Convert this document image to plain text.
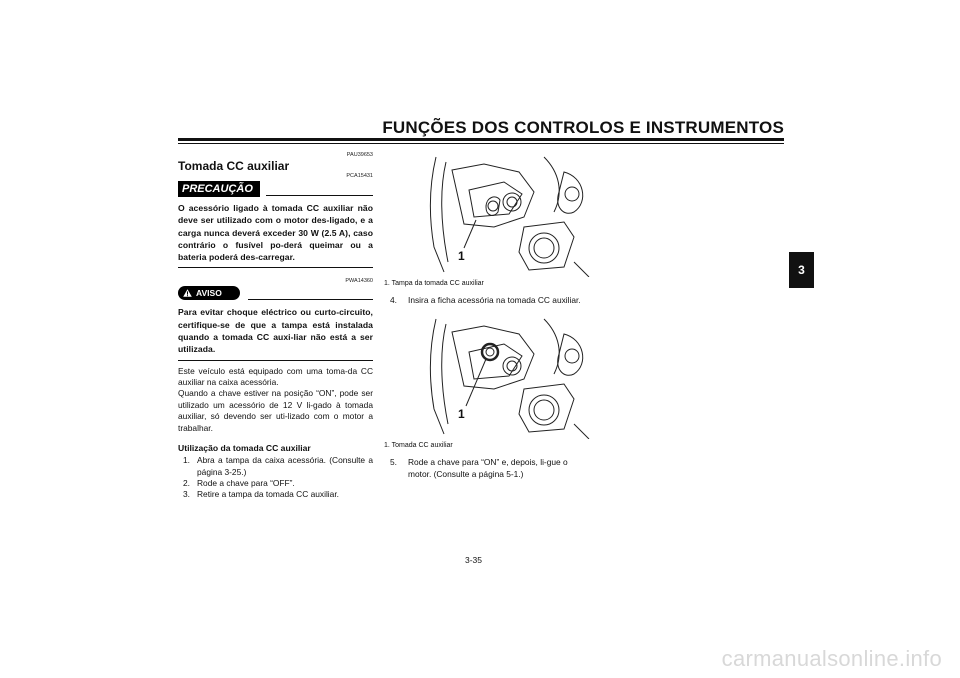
FUNÇÕES DOS CONTROLOS E INSTRUMENTOS
3
PAU39653
Tomada CC auxiliar
PCA15431
PRECAUÇÃO
O acessório ligado à tomada CC auxiliar não deve ser utilizado com o motor des-ligado, e a carga nunca deverá exceder 30 W (2.5 A), caso contrário o fusível po-derá queimar ou a bateria poderá des-carregar.
PWA14360
AVISO
Para evitar choque eléctrico ou curto-circuito, certifique-se de que a tampa está instalada quando a tomada CC auxi-liar não está a ser utilizada.

Este veículo está equipado com uma toma-da CC auxiliar na caixa acessória.

Quando a chave estiver na posição “ON”, pode ser utilizado um acessório de 12 V li-gado à tomada auxiliar, só devendo ser uti-lizado com o motor a trabalhar.

Utilização da tomada CC auxiliar
1. Abra a tampa da caixa acessória. (Consulte a página 3-25.)
2. Rode a chave para “OFF”.
3. Retire a tampa da tomada CC auxiliar.
1
1. Tampa da tomada CC auxiliar
4.	Insira a ficha acessória na tomada CC auxiliar.
1
1. Tomada CC auxiliar
5.	Rode a chave para “ON” e, depois, li-gue o motor. (Consulte a página 5-1.)
3-35
carmanualsonline.info
